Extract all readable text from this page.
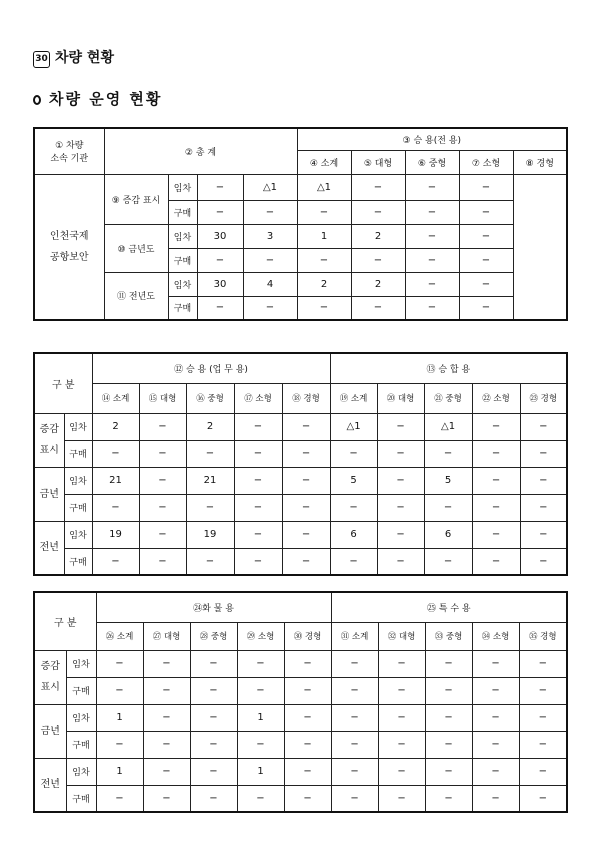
30 차량 현황
차량 운영 현황
① 차량
소속 기관	② 총 계				③ 승 용(전 용)				
					④ 소계	⑤ 대형	⑥ 중형	⑦ 소형	⑧ 경형

인천국제
공항보안	⑨ 증감 표시	임차	−	△1	△1	−	−	−	
		구매	−	−	−	−	−	−	
	⑩ 금년도	임차	30	3	1	2	−	−	
		구매	−	−	−	−	−	−	
	⑪ 전년도	임차	30	4	2	2	−	−	
		구매	−	−	−	−	−	−	
구 분		⑫ 승 용 (업 무 용)					⑬ 승 합 용				
		⑭ 소계	⑮ 대형	⑯ 중형	⑰ 소형	⑱ 경형	⑲ 소계	⑳ 대형	㉑ 중형	㉒ 소형	㉓ 경형

증감
표시	임차	2	−	2	−	−	△1	−	△1	−	−
	구매	−	−	−	−	−	−	−	−	−	−

금년	임차	21	−	21	−	−	5	−	5	−	−
	구매	−	−	−	−	−	−	−	−	−	−

전년	임차	19	−	19	−	−	6	−	6	−	−
	구매	−	−	−	−	−	−	−	−	−	−
구 분		㉔화 물 용					㉕ 특 수 용				
		㉖ 소계	㉗ 대형	㉘ 중형	㉙ 소형	㉚ 경형	㉛ 소계	㉜ 대형	㉝ 중형	㉞ 소형	㉟ 경형

증감
표시	임차	−	−	−	−	−	−	−	−	−	−
	구매	−	−	−	−	−	−	−	−	−	−

금년	임차	1	−	−	1	−	−	−	−	−	−
	구매	−	−	−	−	−	−	−	−	−	−

전년	임차	1	−	−	1	−	−	−	−	−	−
	구매	−	−	−	−	−	−	−	−	−	−
